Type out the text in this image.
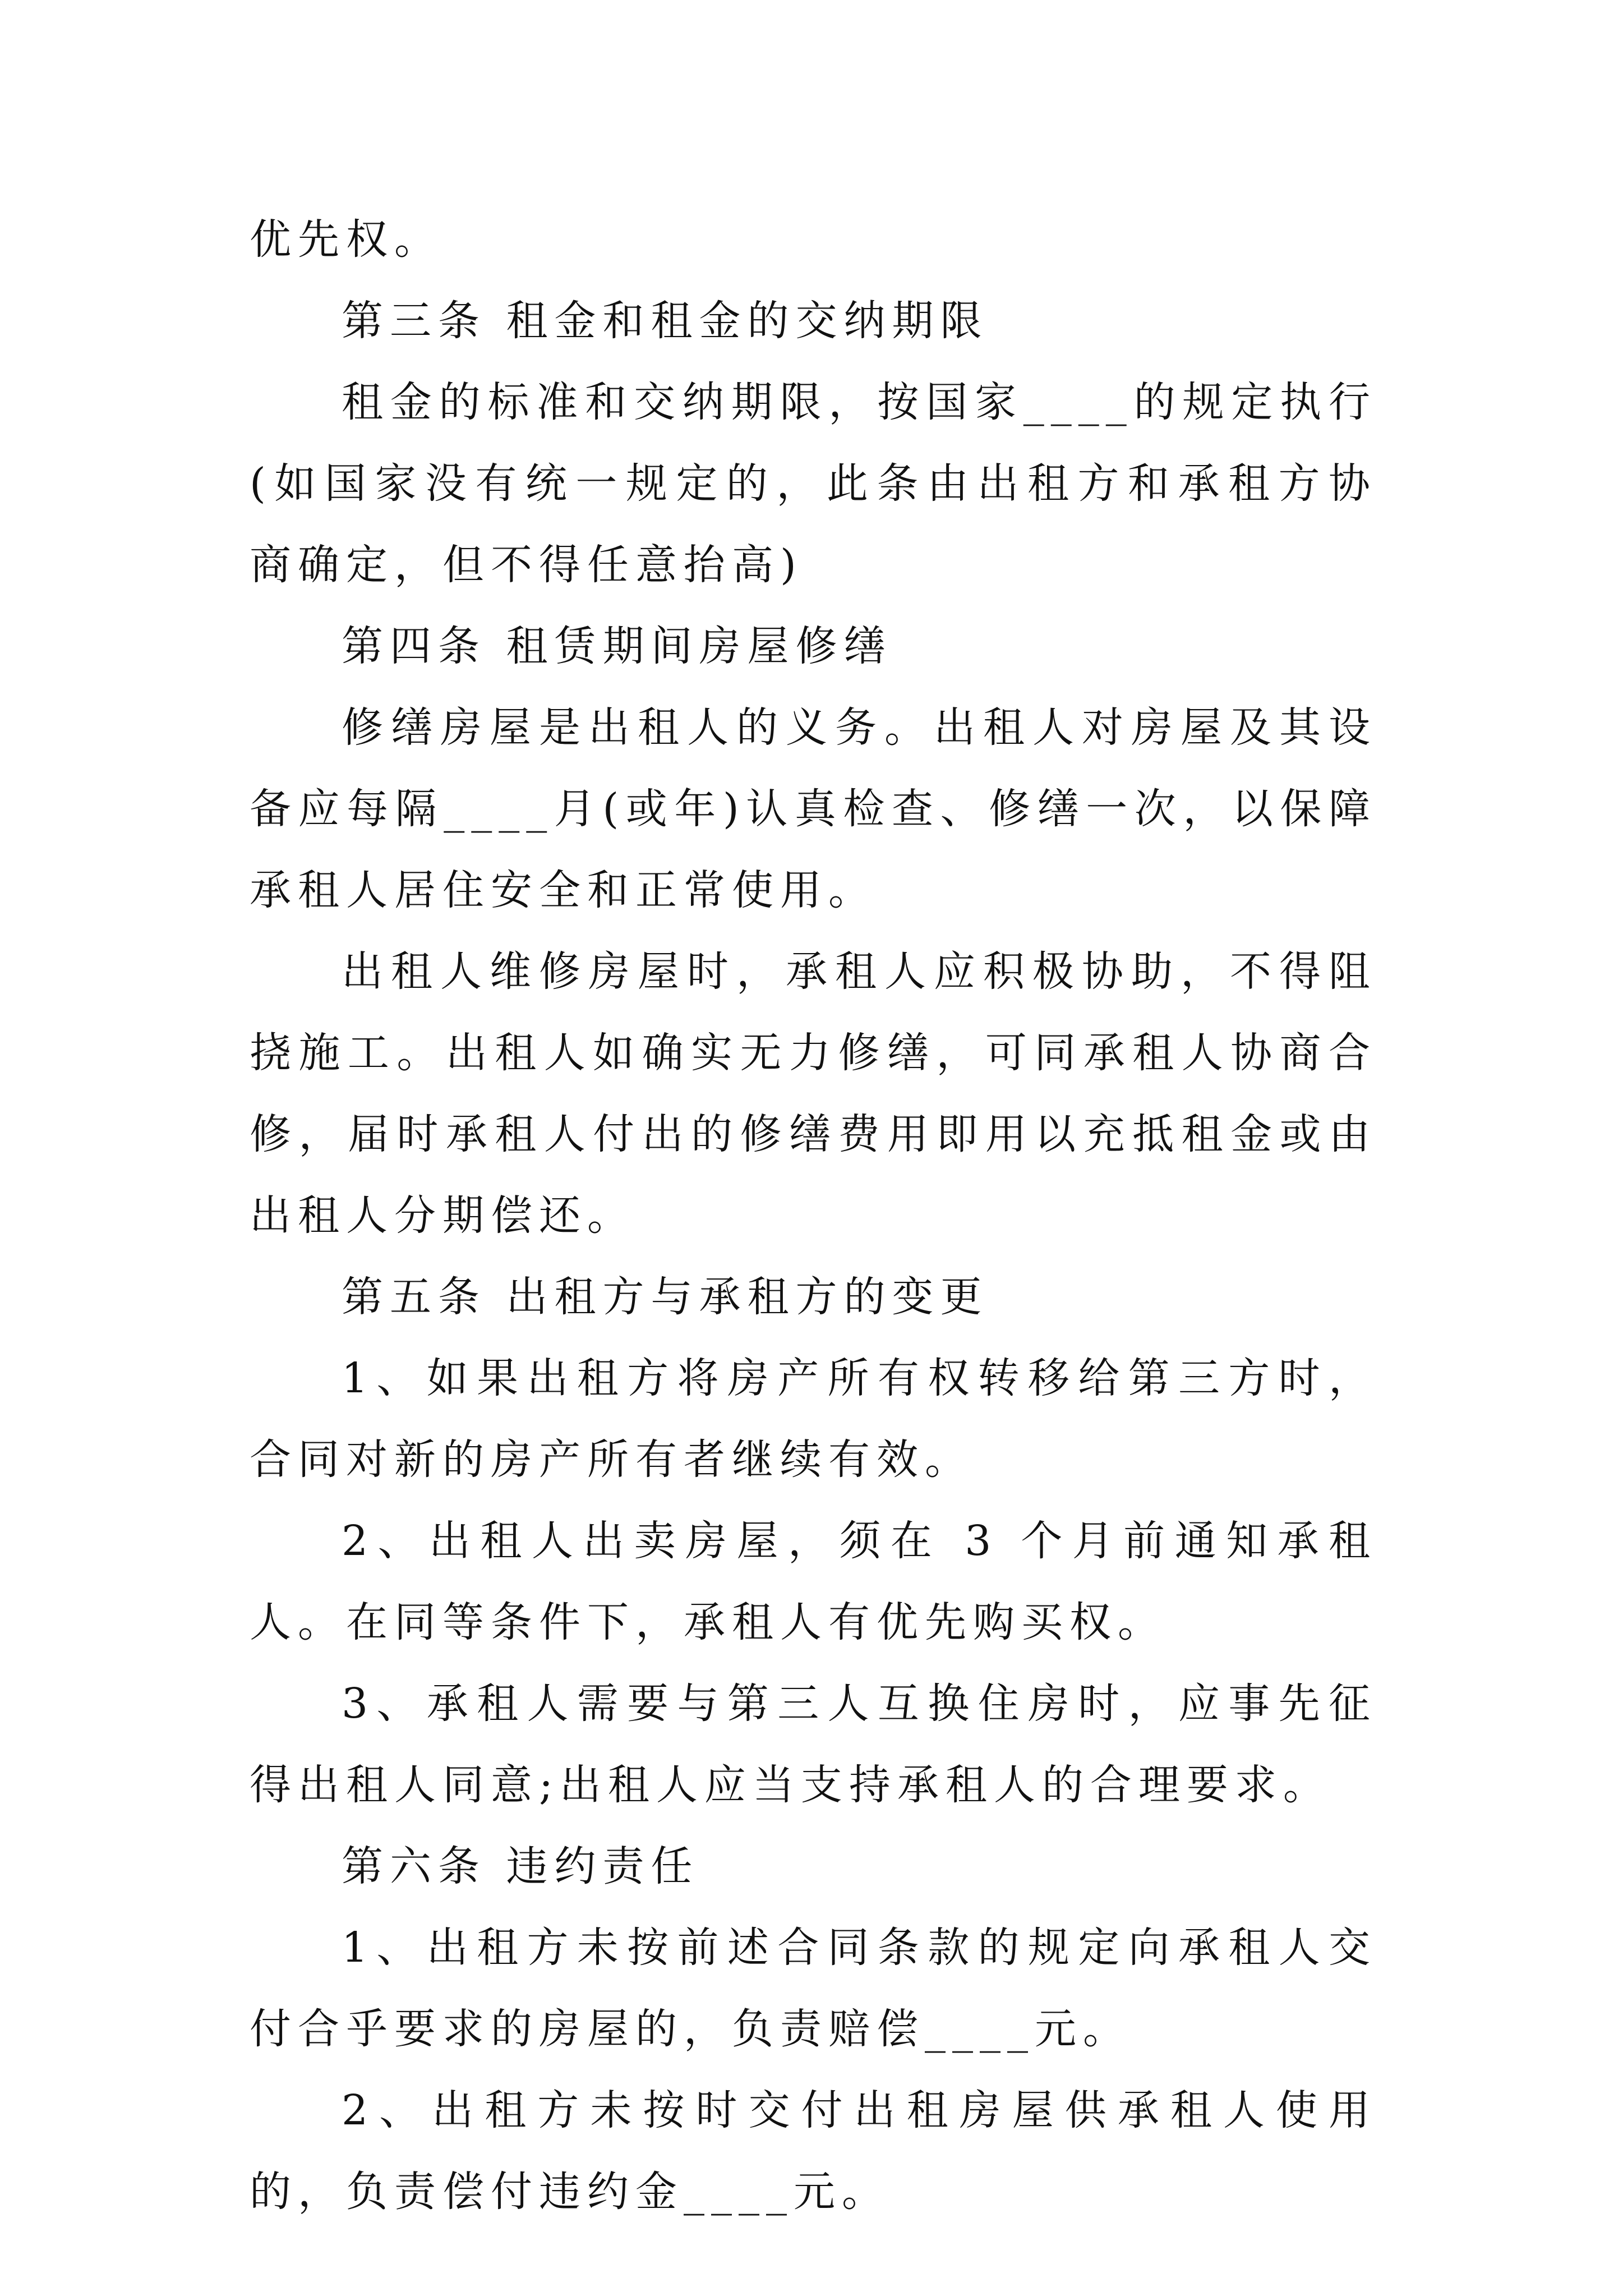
优先权。

第三条 租金和租金的交纳期限

租金的标准和交纳期限，按国家____的规定执行(如国家没有统一规定的，此条由出租方和承租方协商确定，但不得任意抬高)

第四条 租赁期间房屋修缮

修缮房屋是出租人的义务。出租人对房屋及其设备应每隔____月(或年)认真检查、修缮一次，以保障承租人居住安全和正常使用。

出租人维修房屋时，承租人应积极协助，不得阻挠施工。出租人如确实无力修缮，可同承租人协商合修，届时承租人付出的修缮费用即用以充抵租金或由出租人分期偿还。

第五条 出租方与承租方的变更

1、如果出租方将房产所有权转移给第三方时，合同对新的房产所有者继续有效。

2、出租人出卖房屋，须在 3 个月前通知承租人。在同等条件下，承租人有优先购买权。

3、承租人需要与第三人互换住房时，应事先征得出租人同意;出租人应当支持承租人的合理要求。

第六条 违约责任

1、出租方未按前述合同条款的规定向承租人交付合乎要求的房屋的，负责赔偿____元。

2、出租方未按时交付出租房屋供承租人使用的，负责偿付违约金____元。
